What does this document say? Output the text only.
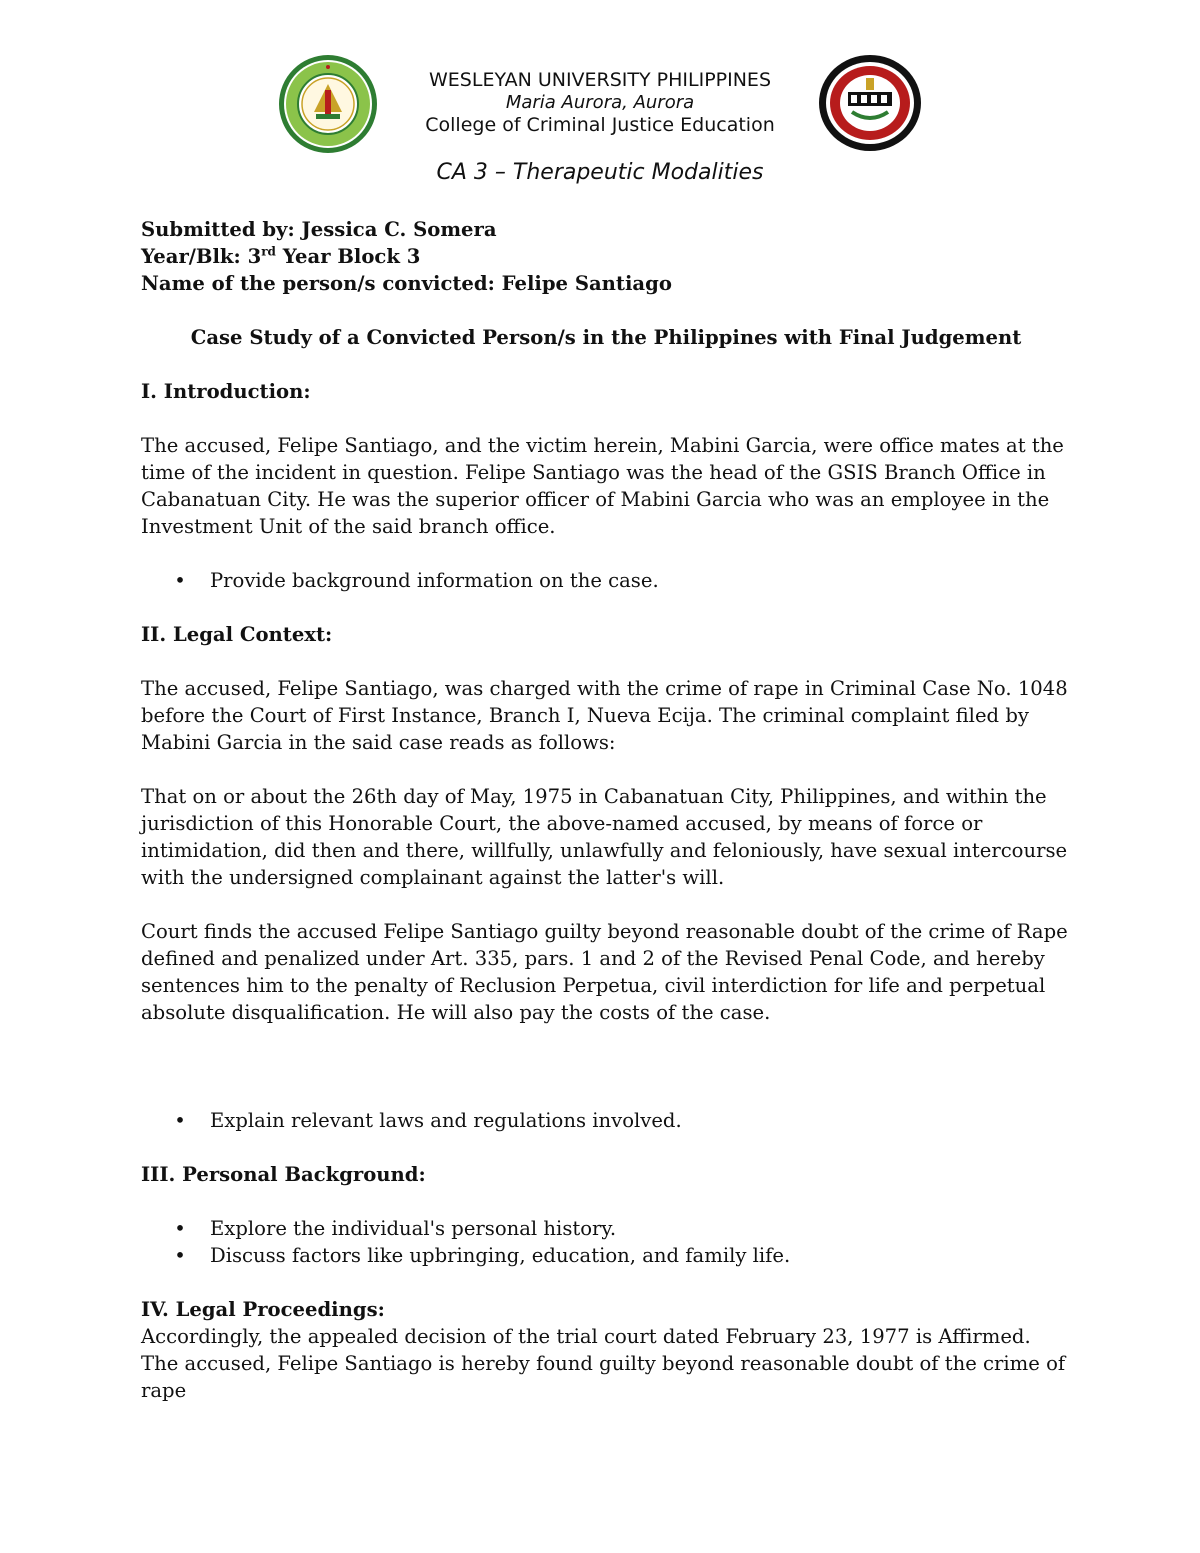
WESLEYAN UNIVERSITY PHILIPPINES
Maria Aurora, Aurora
College of Criminal Justice Education
CA 3 – Therapeutic Modalities

Submitted by: Jessica C. Somera

Year/Blk: 3rd Year Block 3

Name of the person/s convicted: Felipe Santiago

Case Study of a Convicted Person/s in the Philippines with Final Judgement

I. Introduction:

The accused, Felipe Santiago, and the victim herein, Mabini Garcia, were office mates at the time of the incident in question. Felipe Santiago was the head of the GSIS Branch Office in Cabanatuan City. He was the superior officer of Mabini Garcia who was an employee in the Investment Unit of the said branch office.

• Provide background information on the case.

II. Legal Context:

The accused, Felipe Santiago, was charged with the crime of rape in Criminal Case No. 1048 before the Court of First Instance, Branch I, Nueva Ecija. The criminal complaint filed by Mabini Garcia in the said case reads as follows:

That on or about the 26th day of May, 1975 in Cabanatuan City, Philippines, and within the jurisdiction of this Honorable Court, the above-named accused, by means of force or intimidation, did then and there, willfully, unlawfully and feloniously, have sexual intercourse with the undersigned complainant against the latter's will.

Court finds the accused Felipe Santiago guilty beyond reasonable doubt of the crime of Rape defined and penalized under Art. 335, pars. 1 and 2 of the Revised Penal Code, and hereby sentences him to the penalty of Reclusion Perpetua, civil interdiction for life and perpetual absolute disqualification. He will also pay the costs of the case.

• Explain relevant laws and regulations involved.

III. Personal Background:

• Explore the individual's personal history.
• Discuss factors like upbringing, education, and family life.

IV. Legal Proceedings:

Accordingly, the appealed decision of the trial court dated February 23, 1977 is Affirmed. The accused, Felipe Santiago is hereby found guilty beyond reasonable doubt of the crime of rape
